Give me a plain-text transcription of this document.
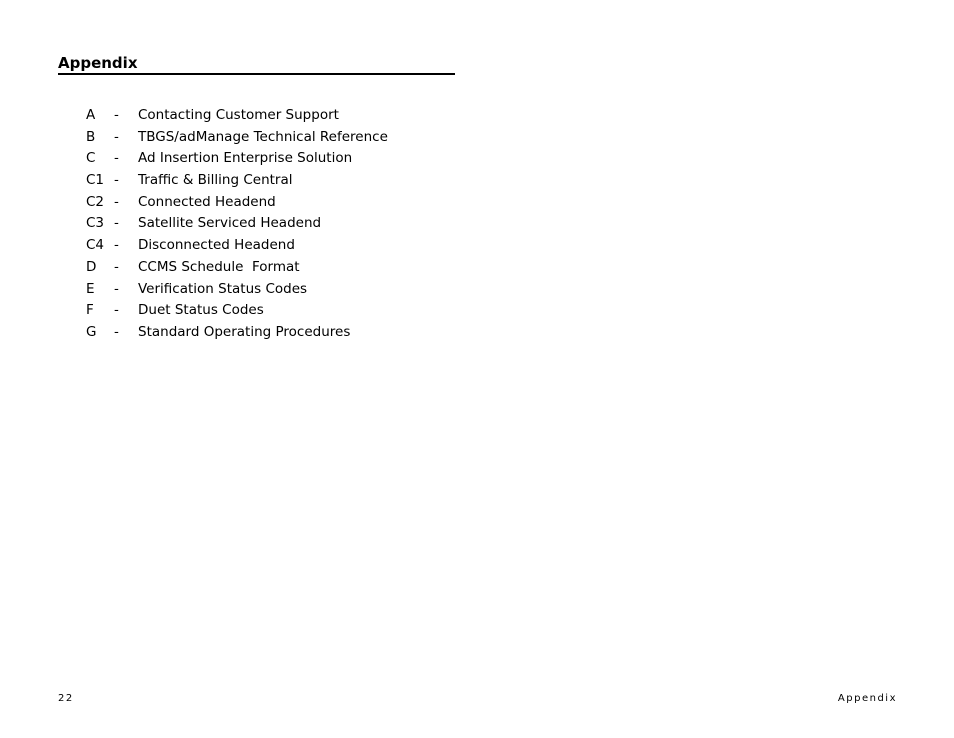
Appendix
A	-	Contacting Customer Support
B	-	TBGS/adManage Technical Reference
C	-	Ad Insertion Enterprise Solution
C1 -	Traffic & Billing Central
C2 -	Connected Headend
C3 -	Satellite Serviced Headend
C4 -	Disconnected Headend
D	-	CCMS Schedule  Format
E	-	Verification Status Codes
F	-	Duet Status Codes
G	-	Standard Operating Procedures
22	Appendix
